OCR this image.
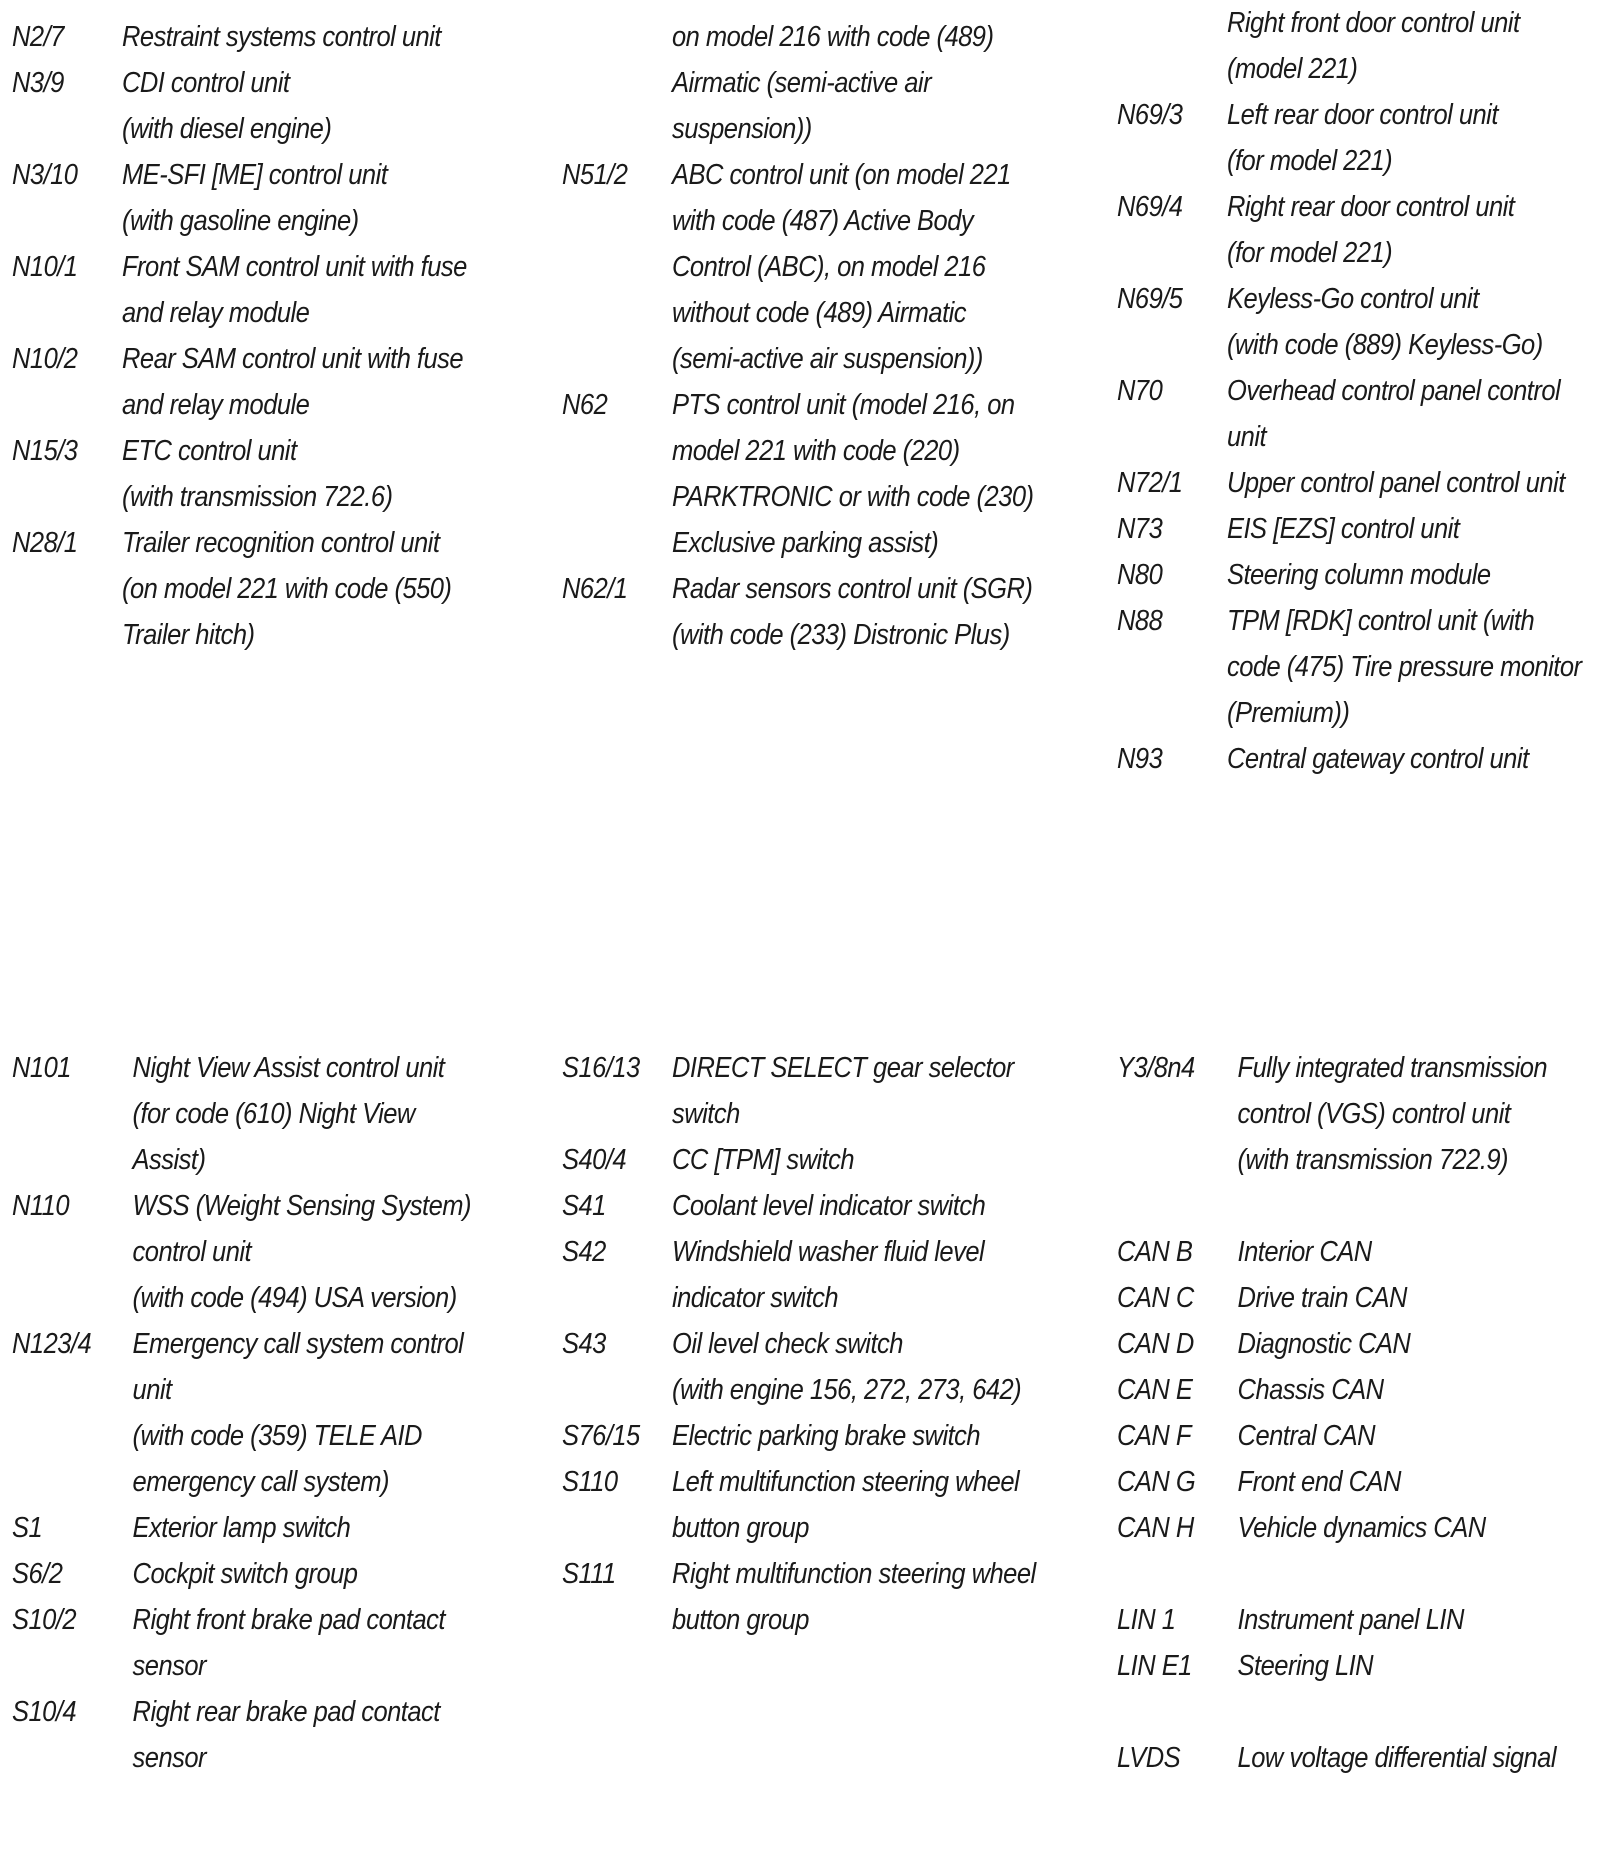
N2/7	Restraint systems control unit
N3/9	CDI control unit
(with diesel engine)
N3/10	ME-SFI [ME] control unit
(with gasoline engine)
N10/1	Front SAM control unit with fuse
and relay module
N10/2	Rear SAM control unit with fuse
and relay module
N15/3	ETC control unit
(with transmission 722.6)
N28/1	Trailer recognition control unit
(on model 221 with code (550)
Trailer hitch)
on model 216 with code (489)
Airmatic (semi-active air
suspension))
N51/2	ABC control unit (on model 221
with code (487) Active Body
Control (ABC), on model 216
without code (489) Airmatic
(semi-active air suspension))
N62	PTS control unit (model 216, on
model 221 with code (220)
PARKTRONIC or with code (230)
Exclusive parking assist)
N62/1	Radar sensors control unit (SGR)
(with code (233) Distronic Plus)
Right front door control unit
(model 221)
N69/3	Left rear door control unit
(for model 221)
N69/4	Right rear door control unit
(for model 221)
N69/5	Keyless-Go control unit
(with code (889) Keyless-Go)
N70	Overhead control panel control
unit
N72/1	Upper control panel control unit
N73	EIS [EZS] control unit
N80	Steering column module
N88	TPM [RDK] control unit (with
code (475) Tire pressure monitor
(Premium))
N93	Central gateway control unit
N101	Night View Assist control unit
(for code (610) Night View
Assist)
N110	WSS (Weight Sensing System)
control unit
(with code (494) USA version)
N123/4	Emergency call system control
unit
(with code (359) TELE AID
emergency call system)
S1	Exterior lamp switch
S6/2	Cockpit switch group
S10/2	Right front brake pad contact
sensor
S10/4	Right rear brake pad contact
sensor
S16/13	DIRECT SELECT gear selector
switch
S40/4	CC [TPM] switch
S41	Coolant level indicator switch
S42	Windshield washer fluid level
indicator switch
S43	Oil level check switch
(with engine 156, 272, 273, 642)
S76/15	Electric parking brake switch
S110	Left multifunction steering wheel
button group
S111	Right multifunction steering wheel
button group
Y3/8n4	Fully integrated transmission
control (VGS) control unit
(with transmission 722.9)
CAN B	Interior CAN
CAN C	Drive train CAN
CAN D	Diagnostic CAN
CAN E	Chassis CAN
CAN F	Central CAN
CAN G	Front end CAN
CAN H	Vehicle dynamics CAN
LIN 1	Instrument panel LIN
LIN E1	Steering LIN
LVDS	Low voltage differential signal
